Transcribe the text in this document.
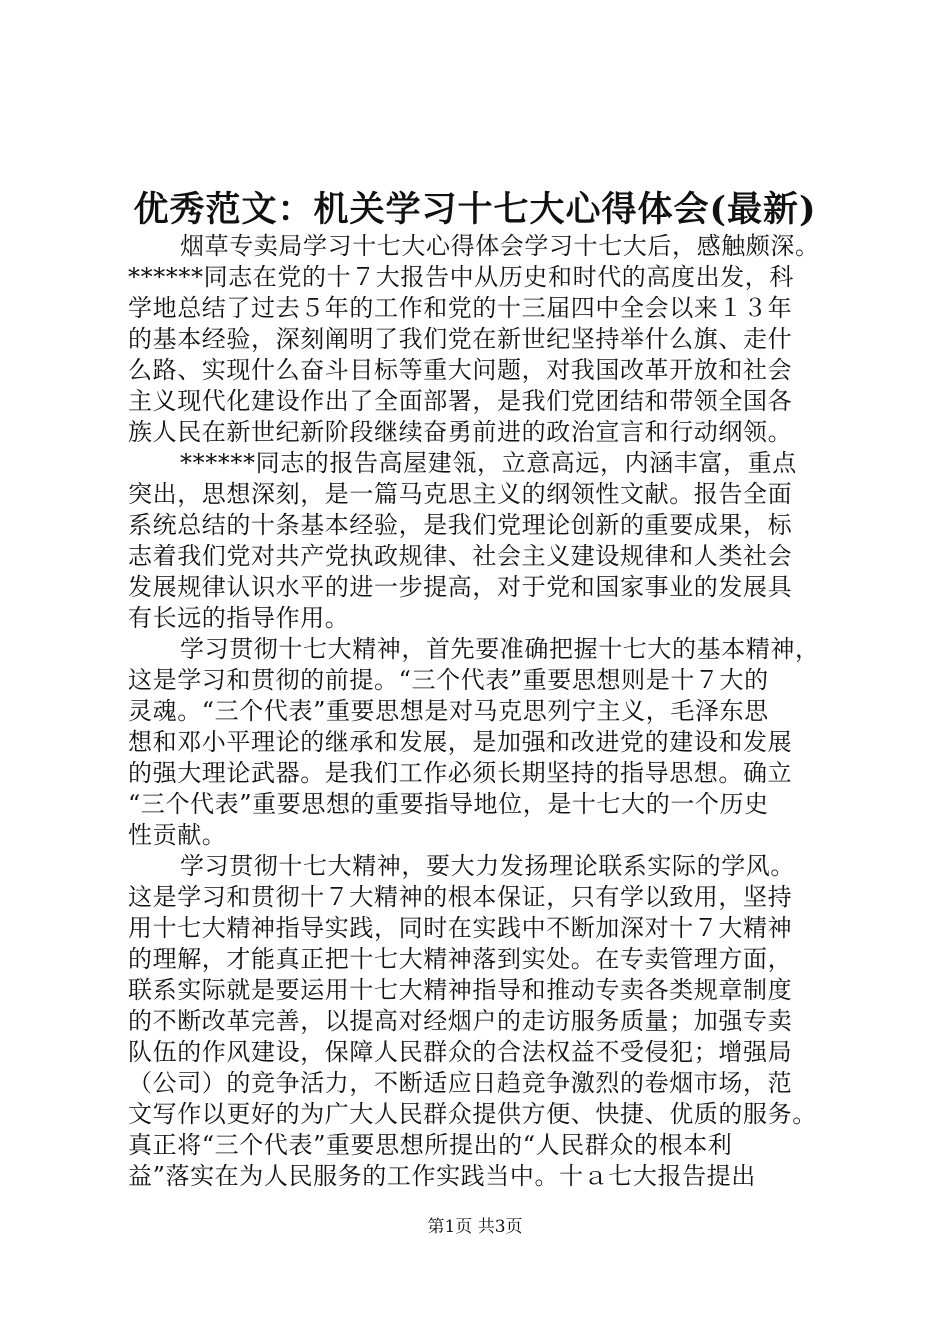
优秀范文：机关学习十七大心得体会(最新)
烟草专卖局学习十七大心得体会学习十七大后，感触颇深。
******同志在党的十７大报告中从历史和时代的高度出发，科
学地总结了过去５年的工作和党的十三届四中全会以来１３年
的基本经验，深刻阐明了我们党在新世纪坚持举什么旗、走什
么路、实现什么奋斗目标等重大问题，对我国改革开放和社会
主义现代化建设作出了全面部署，是我们党团结和带领全国各
族人民在新世纪新阶段继续奋勇前进的政治宣言和行动纲领。
******同志的报告高屋建瓴，立意高远，内涵丰富，重点
突出，思想深刻，是一篇马克思主义的纲领性文献。报告全面
系统总结的十条基本经验，是我们党理论创新的重要成果，标
志着我们党对共产党执政规律、社会主义建设规律和人类社会
发展规律认识水平的进一步提高，对于党和国家事业的发展具
有长远的指导作用。
学习贯彻十七大精神，首先要准确把握十七大的基本精神，
这是学习和贯彻的前提。“三个代表”重要思想则是十７大的
灵魂。“三个代表”重要思想是对马克思列宁主义，毛泽东思
想和邓小平理论的继承和发展，是加强和改进党的建设和发展
的强大理论武器。是我们工作必须长期坚持的指导思想。确立
“三个代表”重要思想的重要指导地位，是十七大的一个历史
性贡献。
学习贯彻十七大精神，要大力发扬理论联系实际的学风。
这是学习和贯彻十７大精神的根本保证，只有学以致用，坚持
用十七大精神指导实践，同时在实践中不断加深对十７大精神
的理解，才能真正把十七大精神落到实处。在专卖管理方面，
联系实际就是要运用十七大精神指导和推动专卖各类规章制度
的不断改革完善，以提高对经烟户的走访服务质量；加强专卖
队伍的作风建设，保障人民群众的合法权益不受侵犯；增强局
（公司）的竞争活力，不断适应日趋竞争激烈的卷烟市场，范
文写作以更好的为广大人民群众提供方便、快捷、优质的服务。
真正将“三个代表”重要思想所提出的“人民群众的根本利
益”落实在为人民服务的工作实践当中。十ａ七大报告提出
第1页 共3页
